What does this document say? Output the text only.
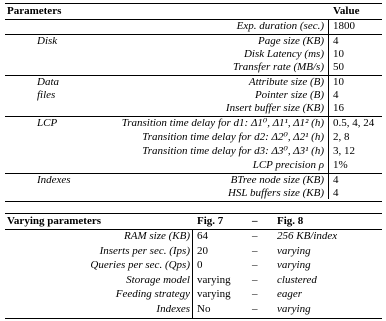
Parameters	Value
Exp. duration (sec.) 1800
Disk	Page size (KB) 4
Disk Latency (ms) 10
Transfer rate (MB/s) 50
Data
files
Attribute size (B) 10
Pointer size (B) 4
Insert buffer size (KB) 16
LCP	Transition time delay for d1: Δ1⁰, Δ1¹, Δ1² (h) 0.5, 4, 24
Transition time delay for d2: Δ2⁰, Δ2¹ (h) 2, 8
Transition time delay for d3: Δ3⁰, Δ3¹ (h) 3, 12
LCP precision ρ 1%
Indexes	BTree node size (KB) 4
HSL buffers size (KB) 4
Varying parameters	Fig. 7	– Fig. 8
RAM size (KB) 64	– 256 KB/index
Inserts per sec. (Ips) 20	– varying
Queries per sec. (Qps) 0	– varying
Storage model varying – clustered
Feeding strategy varying – eager
Indexes No	– varying
